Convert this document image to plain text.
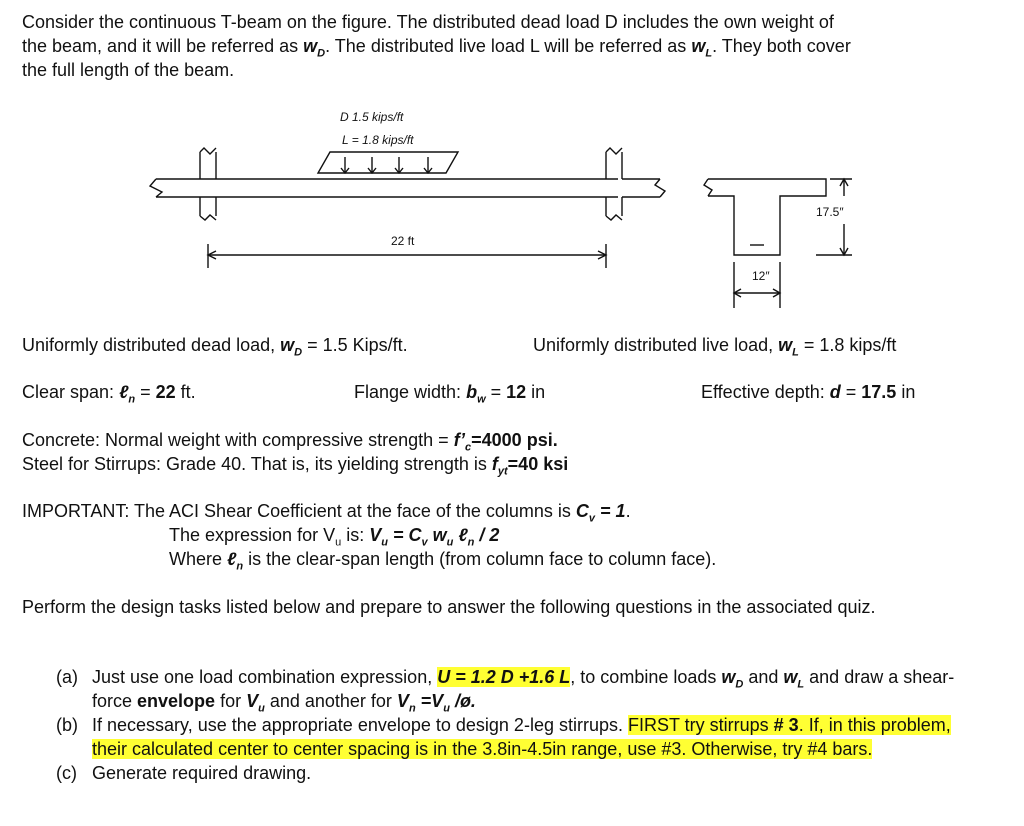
Consider the continuous T-beam on the figure. The distributed dead load D includes the own weight of
the beam, and it will be referred as $w_D$. The distributed live load L will be referred as $w_L$. They both cover
the full length of the beam.
D 1.5 kips/ft
L = 1.8 kips/ft
22 ft
17.5″
12″
Uniformly distributed dead load, $w_D = 1.5$ Kips/ft.	Uniformly distributed live load, $w_L = 1.8$ kips/ft
Clear span: ℓ$_n$ = 22 ft.	Flange width: $b_w = 12$ in	Effective depth: d = 17.5 in
Concrete: Normal weight with compressive strength = $f’_c=4000$ psi.
Steel for Stirrups: Grade 40. That is, its yielding strength is $f_{yt}=40$ ksi
IMPORTANT: The ACI Shear Coefficient at the face of the columns is $C_v = 1$.
The expression for $V_u$ is: $V_u = C_v$ $w_u$ ℓ$_n$ / 2
Where ℓ$_n$ is the clear-span length (from column face to column face).
Perform the design tasks listed below and prepare to answer the following questions in the associated quiz.
(a) Just use one load combination expression, U = 1.2 D +1.6 L, to combine loads $w_D$ and $w_L$ and draw a shear-force envelope for $V_u$ and another for $V_n =V_u$ /ø.
(b) If necessary, use the appropriate envelope to design 2-leg stirrups. FIRST try stirrups # 3. If, in this problem, their calculated center to center spacing is in the 3.8in-4.5in range, use #3. Otherwise, try #4 bars.
(c) Generate required drawing.
